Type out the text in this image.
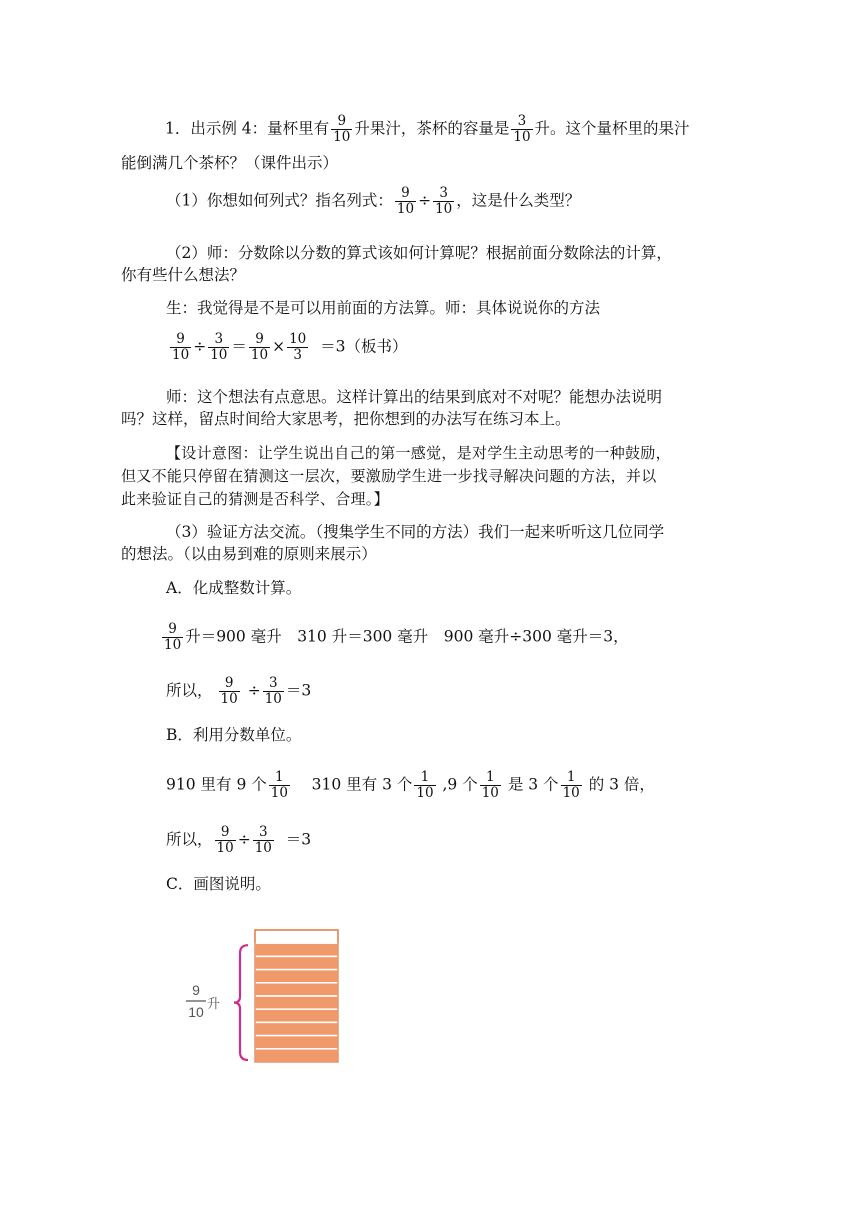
1．出示例 4：量杯里有 $\frac{9}{10}$ 升果汁，茶杯的容量是 $\frac{3}{10}$ 升。这个量杯里的果汁
能倒满几个茶杯？（课件出示）
（1）你想如何列式？指名列式： $\frac{9}{10} \div \frac{3}{10}$ ，这是什么类型？
（2）师：分数除以分数的算式该如何计算呢？根据前面分数除法的计算，
你有些什么想法？
生：我觉得是不是可以用前面的方法算。师：具体说说你的方法
$\frac{9}{10} \div \frac{3}{10} = \frac{9}{10} \times \frac{10}{3} =3$（板书）
师：这个想法有点意思。这样计算出的结果到底对不对呢？能想办法说明
吗？这样，留点时间给大家思考，把你想到的办法写在练习本上。
【设计意图：让学生说出自己的第一感觉，是对学生主动思考的一种鼓励，
但又不能只停留在猜测这一层次，要激励学生进一步找寻解决问题的方法，并以
此来验证自己的猜测是否科学、合理。】
（3）验证方法交流。（搜集学生不同的方法）我们一起来听听这几位同学
的想法。（以由易到难的原则来展示）
A．化成整数计算。
$\frac{9}{10}$ 升＝900 毫升　310 升＝300 毫升　900 毫升÷300 毫升＝3，
所以， $\frac{9}{10} \div \frac{3}{10} =3$
B．利用分数单位。
910 里有 9 个 $\frac{1}{10} 310$ 里有 3 个 $\frac{1}{10} ,9$ 个 $\frac{1}{10}$ 是 3 个 $\frac{1}{10}$ 的 3 倍，
所以， $\frac{9}{10} \div \frac{3}{10} =3$
C．画图说明。
9
10 升
